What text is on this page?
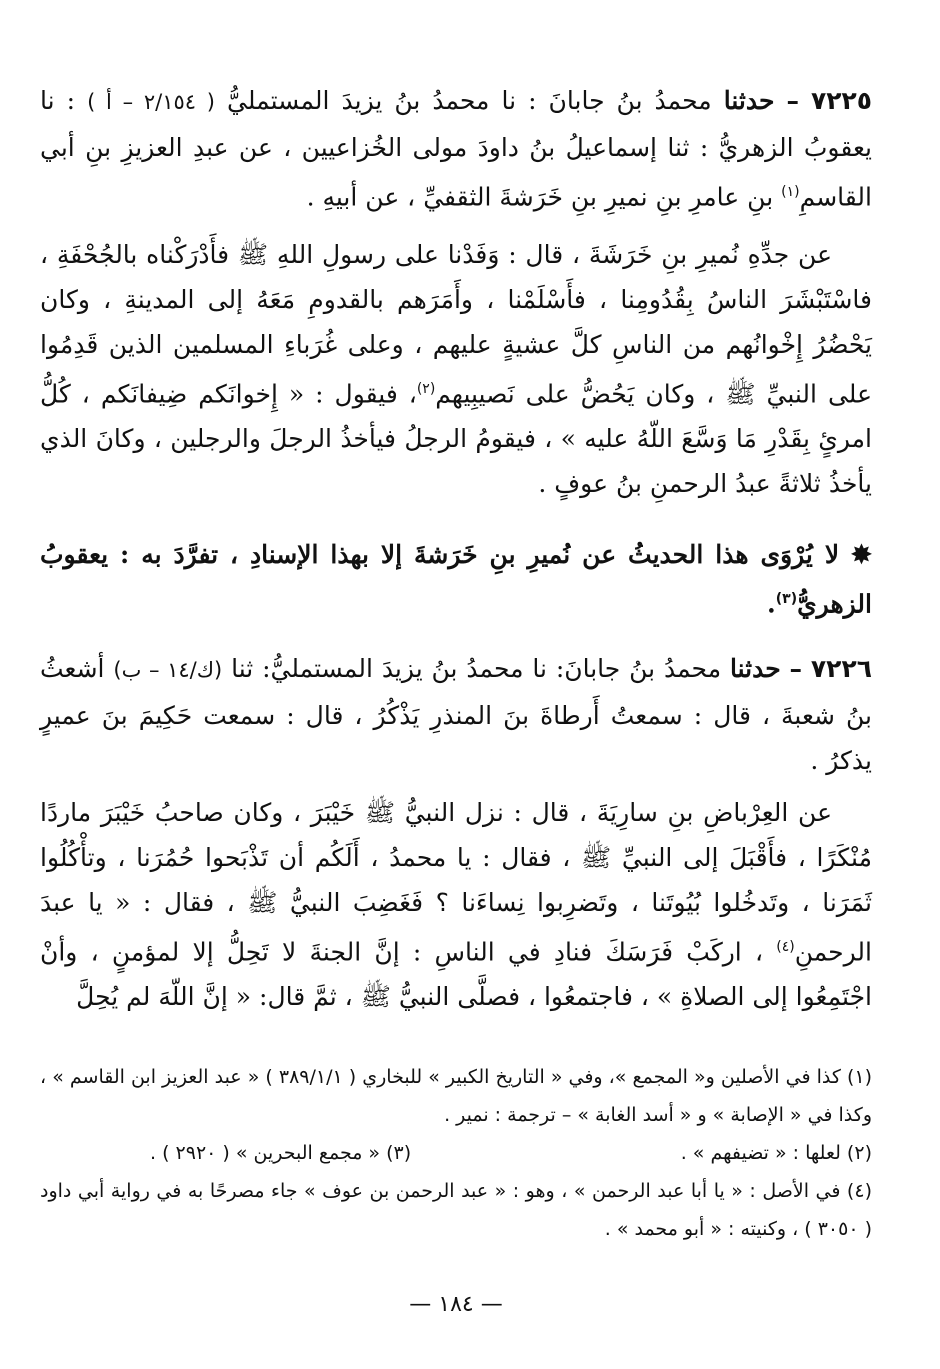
٧٢٢٥ – حدثنا محمدُ بنُ جابانَ : نا محمدُ بنُ يزيدَ المستمليُّ ( ٢/١٥٤ – أ ) : نا يعقوبُ الزهريُّ : ثنا إسماعيلُ بنُ داودَ مولى الخُزاعيين ، عن عبدِ العزيزِ بنِ أبي القاسمِ$^{(١)}$ بنِ عامرِ بنِ نميرِ بنِ خَرَشةَ الثقفيِّ ، عن أبيهِ .

عن جدِّهِ نُميرِ بنِ خَرَشَةَ ، قال : وَفَدْنا على رسولِ اللهِ ﷺ فأَدْرَكْناه بالجُحْفَةِ ، فاسْتَبْشَرَ الناسُ بِقُدُومِنا ، فأَسْلَمْنا ، وأَمَرَهم بالقدومِ مَعَهُ إلى المدينةِ ، وكان يَحْضُرُ إِخْوانُهم من الناسِ كلَّ عشيةٍ عليهم ، وعلى غُرَباءِ المسلمين الذين قَدِمُوا على النبيِّ ﷺ ، وكان يَحُضُّ على نَصيبِيهم$^{(٢)}$، فيقول : « إِخوانَكم ضِيفانَكم ، كُلُّ امرئٍ بِقَدْرِ مَا وَسَّعَ اللّهُ عليه » ، فيقومُ الرجلُ فيأخذُ الرجلَ والرجلين ، وكانَ الذي يأخذُ ثلاثةً عبدُ الرحمنِ بنُ عوفٍ .

✸ لا يُرْوَى هذا الحديثُ عن نُميرِ بنِ خَرَشةَ إلا بهذا الإسنادِ ، تفرَّدَ به : يعقوبُ الزهريُّ$^{(٣)}$.

٧٢٢٦ – حدثنا محمدُ بنُ جابانَ: نا محمدُ بنُ يزيدَ المستمليُّ: ثنا (ك/١٤ – ب) أشعثُ بنُ شعبةَ ، قال : سمعتُ أَرطاةَ بنَ المنذرِ يَذْكُرُ ، قال : سمعت حَكِيمَ بنَ عميرٍ يذكرُ .

عن العِرْباضِ بنِ سارِيَةَ ، قال : نزل النبيُّ ﷺ خَيْبَرَ ، وكان صاحبُ خَيْبَرَ ماردًا مُنْكَرًا ، فأَقْبَلَ إلى النبيِّ ﷺ ، فقال : يا محمدُ ، أَلَكُم أن تَذْبَحوا حُمُرَنا ، وتأْكُلُوا ثَمَرَنا ، وتَدخُلوا بُيُوتَنا ، وتَضرِبوا نِساءَنا ؟ فَغَضِبَ النبيُّ ﷺ ، فقال : « يا عبدَ الرحمنِ$^{(٤)}$ ، اركَبْ فَرَسَكَ فنادِ في الناسِ : إنَّ الجنةَ لا تَحِلُّ إلا لمؤمنٍ ، وأنْ اجْتَمِعُوا إلى الصلاةِ » ، فاجتمعُوا ، فصلَّى النبيُّ ﷺ ، ثمَّ قال: « إنَّ اللّهَ لم يُحِلَّ

(١) كذا في الأصلين و« المجمع »، وفي « التاريخ الكبير » للبخاري ( ٣٨٩/١/١ ) « عبد العزيز ابن القاسم » ، وكذا في « الإصابة » و « أسد الغابة » – ترجمة : نمير .

(٢) لعلها : « تضيفهم » .
(٣) « مجمع البحرين » ( ٢٩٢٠ ) .

(٤) في الأصل : « يا أبا عبد الرحمن » ، وهو : « عبد الرحمن بن عوف » جاء مصرحًا به في رواية أبي داود ( ٣٠٥٠ ) ، وكنيته : « أبو محمد » .

— ١٨٤ —
